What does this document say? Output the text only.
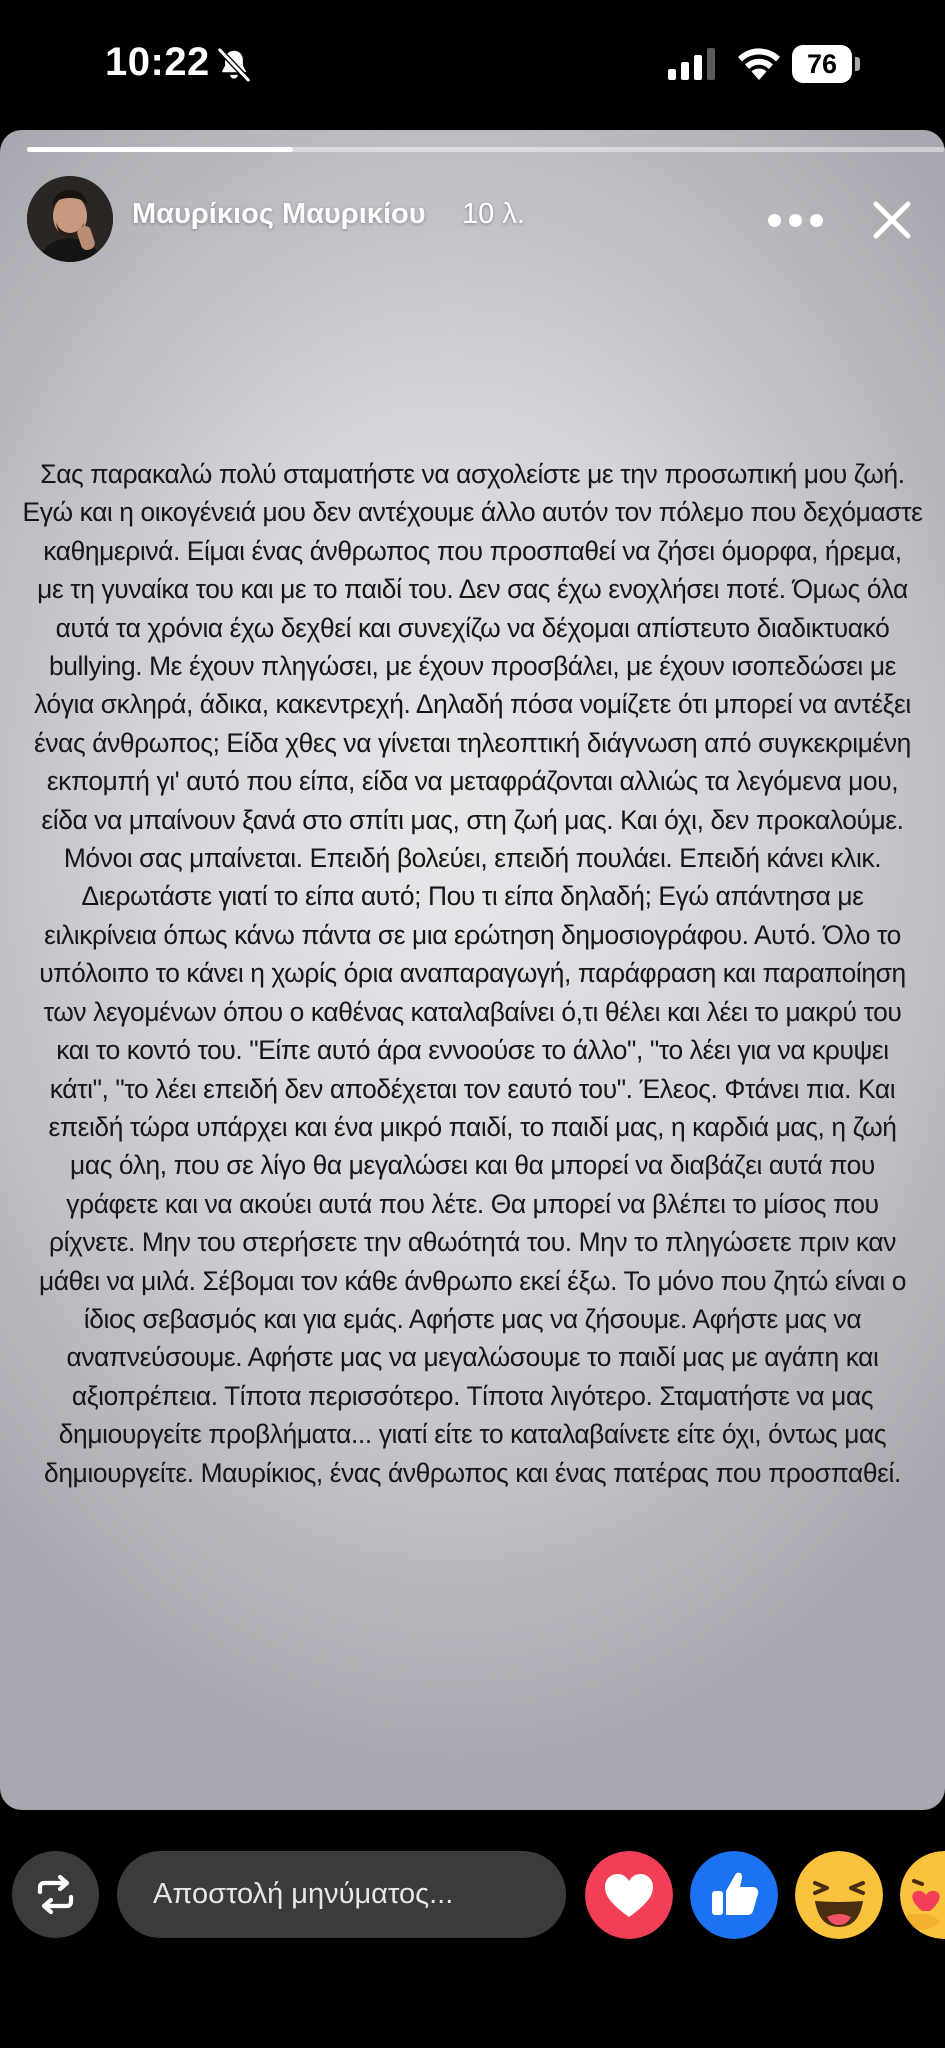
10:22	76
Μαυρίκιος Μαυρικίου 10 λ.
Σας παρακαλώ πολύ σταματήστε να ασχολείστε με την προσωπική μου ζωή.
Εγώ και η οικογένειά μου δεν αντέχουμε άλλο αυτόν τον πόλεμο που δεχόμαστε
καθημερινά. Είμαι ένας άνθρωπος που προσπαθεί να ζήσει όμορφα, ήρεμα,
με τη γυναίκα του και με το παιδί του. Δεν σας έχω ενοχλήσει ποτέ. Όμως όλα
αυτά τα χρόνια έχω δεχθεί και συνεχίζω να δέχομαι απίστευτο διαδικτυακό
bullying. Με έχουν πληγώσει, με έχουν προσβάλει, με έχουν ισοπεδώσει με
λόγια σκληρά, άδικα, κακεντρεχή. Δηλαδή πόσα νομίζετε ότι μπορεί να αντέξει
ένας άνθρωπος; Είδα χθες να γίνεται τηλεοπτική διάγνωση από συγκεκριμένη
εκπομπή γι' αυτό που είπα, είδα να μεταφράζονται αλλιώς τα λεγόμενα μου,
είδα να μπαίνουν ξανά στο σπίτι μας, στη ζωή μας. Και όχι, δεν προκαλούμε.
Μόνοι σας μπαίνεται. Επειδή βολεύει, επειδή πουλάει. Επειδή κάνει κλικ.
Διερωτάστε γιατί το είπα αυτό; Που τι είπα δηλαδή; Εγώ απάντησα με
ειλικρίνεια όπως κάνω πάντα σε μια ερώτηση δημοσιογράφου. Αυτό. Όλο το
υπόλοιπο το κάνει η χωρίς όρια αναπαραγωγή, παράφραση και παραποίηση
των λεγομένων όπου ο καθένας καταλαβαίνει ό,τι θέλει και λέει το μακρύ του
και το κοντό του. "Είπε αυτό άρα εννοούσε το άλλο", "το λέει για να κρυψει
κάτι", "το λέει επειδή δεν αποδέχεται τον εαυτό του". Έλεος. Φτάνει πια. Και
επειδή τώρα υπάρχει και ένα μικρό παιδί, το παιδί μας, η καρδιά μας, η ζωή
μας όλη, που σε λίγο θα μεγαλώσει και θα μπορεί να διαβάζει αυτά που
γράφετε και να ακούει αυτά που λέτε. Θα μπορεί να βλέπει το μίσος που
ρίχνετε. Μην του στερήσετε την αθωότητά του. Μην το πληγώσετε πριν καν
μάθει να μιλά. Σέβομαι τον κάθε άνθρωπο εκεί έξω. Το μόνο που ζητώ είναι ο
ίδιος σεβασμός και για εμάς. Αφήστε μας να ζήσουμε. Αφήστε μας να
αναπνεύσουμε. Αφήστε μας να μεγαλώσουμε το παιδί μας με αγάπη και
αξιοπρέπεια. Τίποτα περισσότερο. Τίποτα λιγότερο. Σταματήστε να μας
δημιουργείτε προβλήματα... γιατί είτε το καταλαβαίνετε είτε όχι, όντως μας
δημιουργείτε. Μαυρίκιος, ένας άνθρωπος και ένας πατέρας που προσπαθεί.
Αποστολή μηνύματος...
